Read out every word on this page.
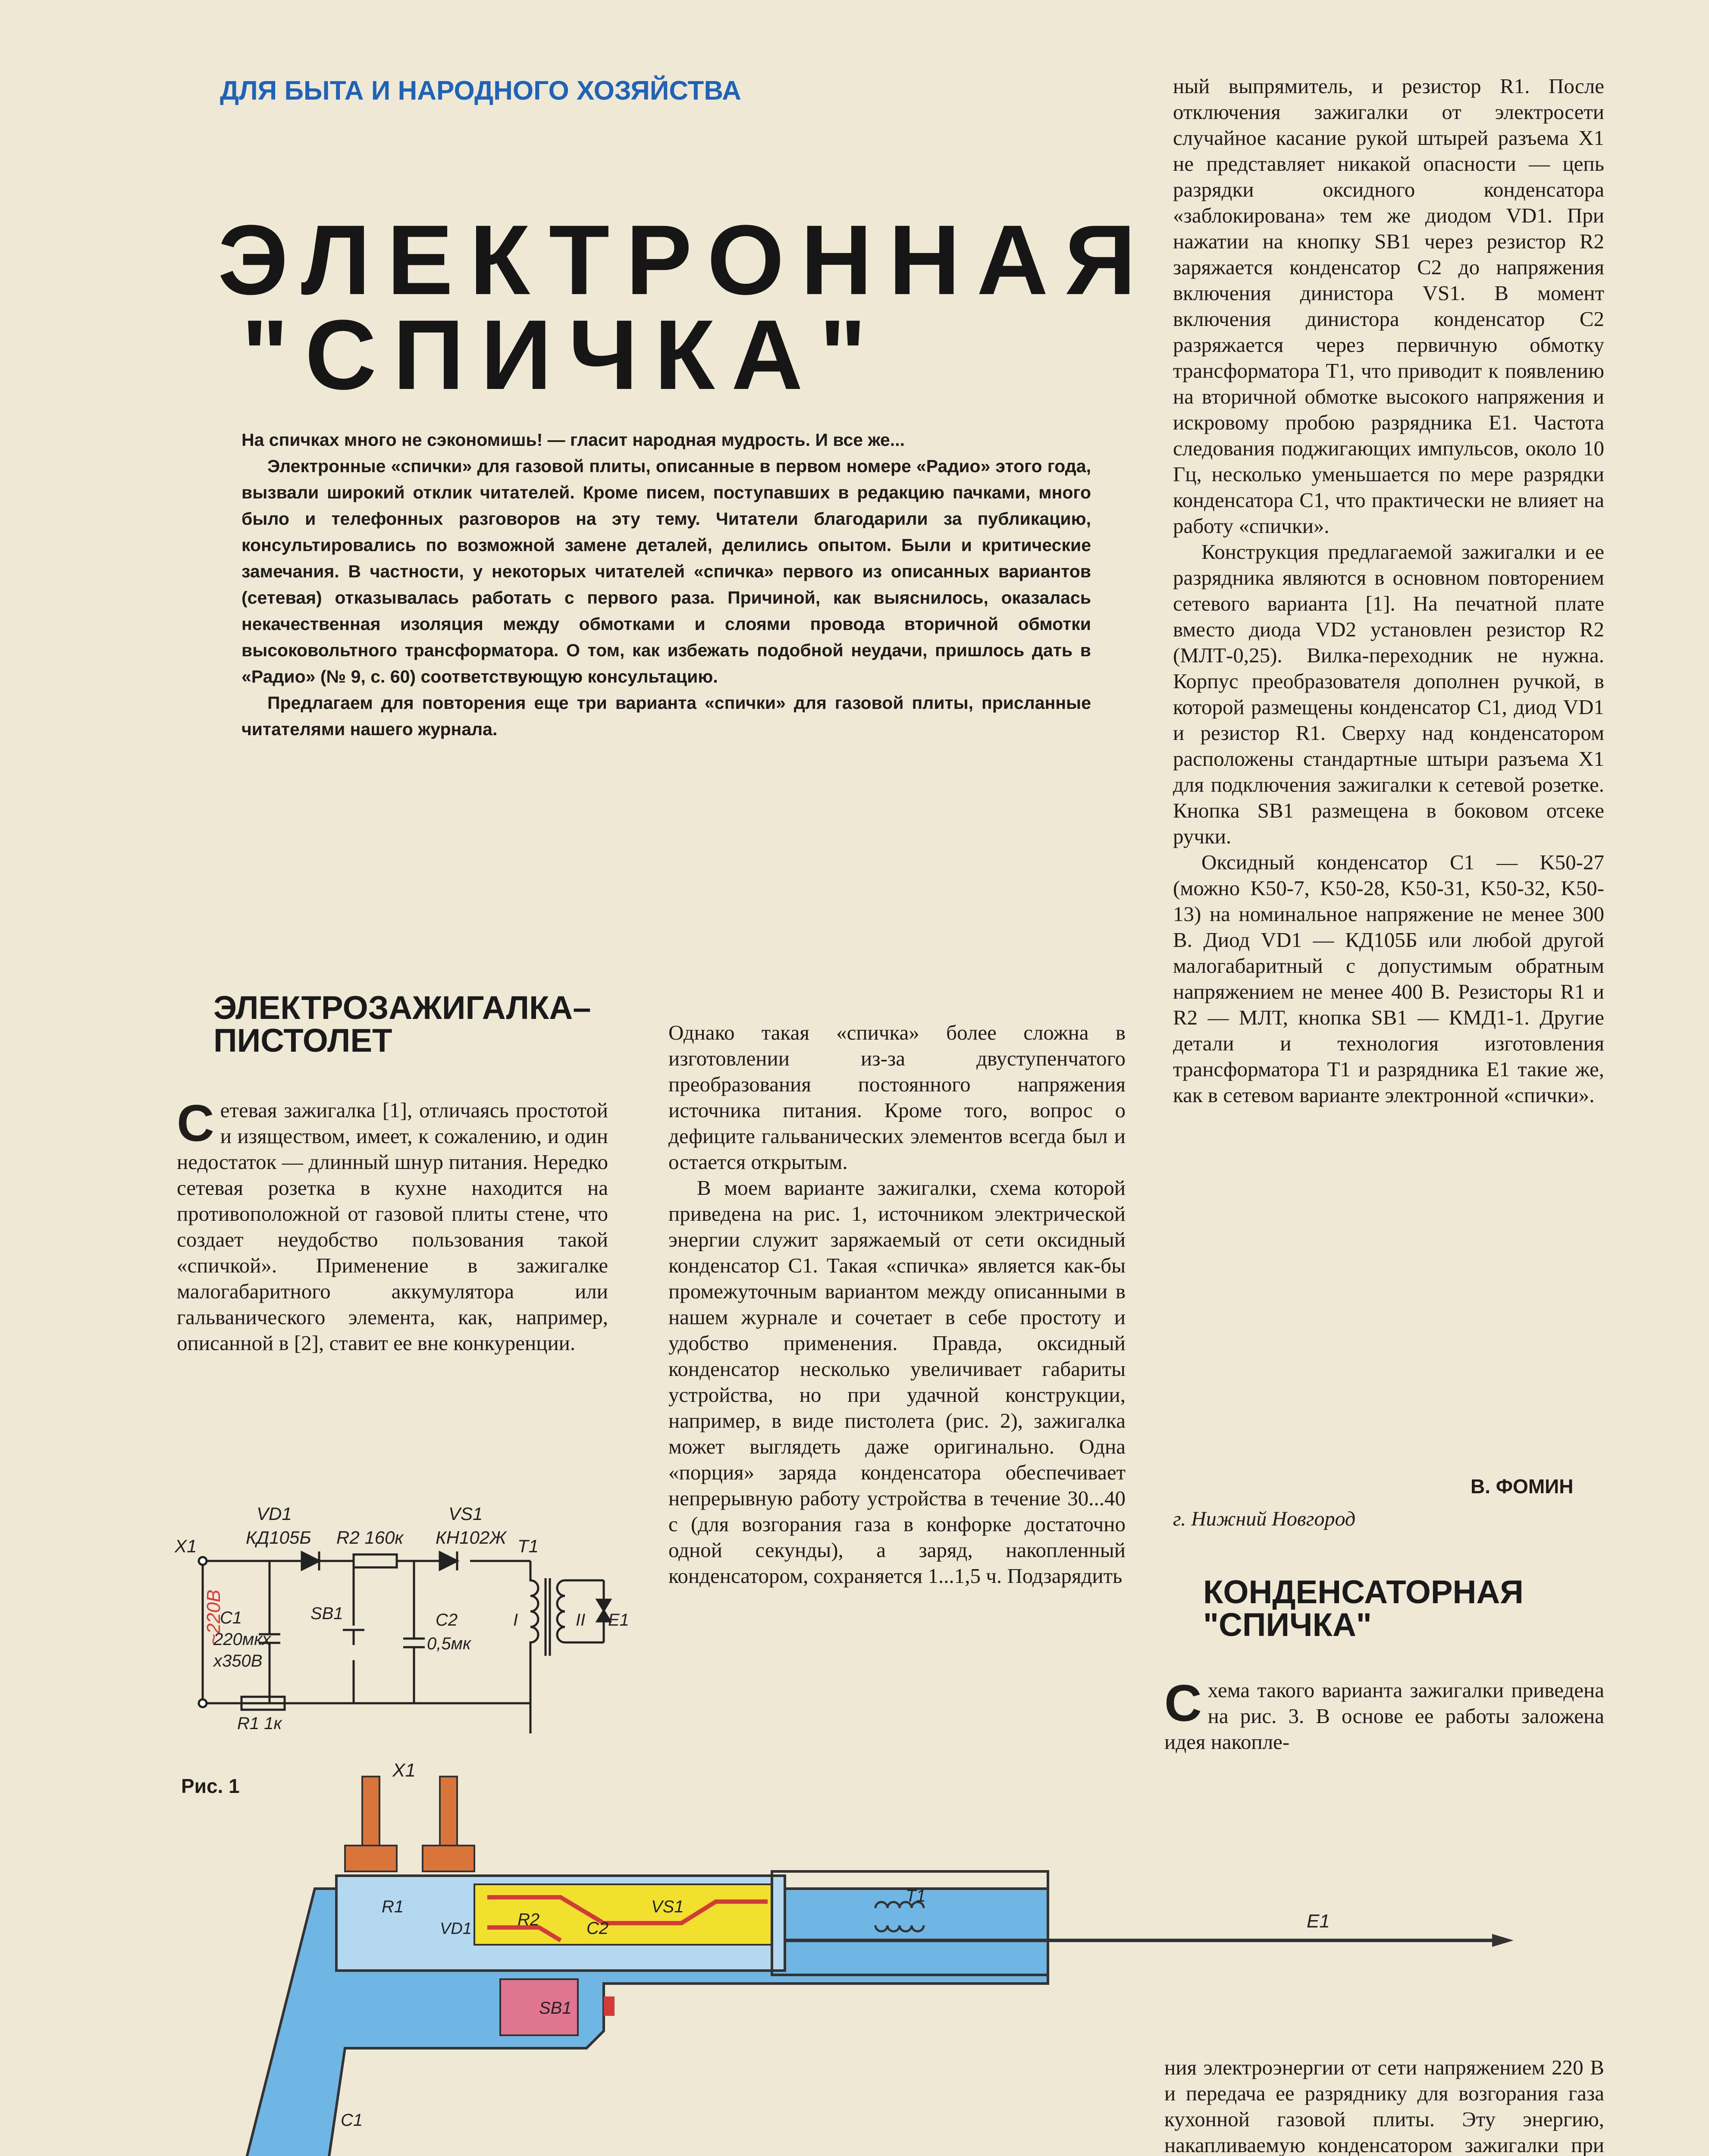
ДЛЯ БЫТА И НАРОДНОГО ХОЗЯЙСТВА
ЭЛЕКТРОННАЯ
"СПИЧКА"

На спичках много не сэкономишь! — гласит народная мудрость. И все же...

Электронные «спички» для газовой плиты, описанные в первом номере «Радио» этого года, вызвали широкий отклик читателей. Кроме писем, поступавших в редакцию пачками, много было и телефонных разговоров на эту тему. Читатели благодарили за публикацию, консультировались по возможной замене деталей, делились опытом. Были и критические замечания. В частности, у некоторых читателей «спичка» первого из описанных вариантов (сетевая) отказывалась работать с первого раза. Причиной, как выяснилось, оказалась некачественная изоляция между обмотками и слоями провода вторичной обмотки высоковольтного трансформатора. О том, как избежать подобной неудачи, пришлось дать в «Радио» (№ 9, с. 60) соответствующую консультацию.

Предлагаем для повторения еще три варианта «спички» для газовой плиты, присланные читателями нашего журнала.

ный выпрямитель, и резистор R1. После отключения зажигалки от электросети случайное касание рукой штырей разъема X1 не представляет никакой опасности — цепь разрядки оксидного конденсатора «заблокирована» тем же диодом VD1. При нажатии на кнопку SB1 через резистор R2 заряжается конденсатор C2 до напряжения включения динистора VS1. В момент включения динистора конденсатор C2 разряжается через первичную обмотку трансформатора T1, что приводит к появлению на вторичной обмотке высокого напряжения и искровому пробою разрядника E1. Частота следования поджигающих импульсов, около 10 Гц, несколько уменьшается по мере разрядки конденсатора C1, что практически не влияет на работу «спички».

Конструкция предлагаемой зажигалки и ее разрядника являются в основном повторением сетевого варианта [1]. На печатной плате вместо диода VD2 установлен резистор R2 (МЛТ-0,25). Вилка-переходник не нужна. Корпус преобразователя дополнен ручкой, в которой размещены конденсатор C1, диод VD1 и резистор R1. Сверху над конденсатором расположены стандартные штыри разъема X1 для подключения зажигалки к сетевой розетке. Кнопка SB1 размещена в боковом отсеке ручки.

Оксидный конденсатор C1 — K50-27 (можно K50-7, K50-28, K50-31, K50-32, K50-13) на номинальное напряжение не менее 300 В. Диод VD1 — КД105Б или любой другой малогабаритный с допустимым обратным напряжением не менее 400 В. Резисторы R1 и R2 — МЛТ, кнопка SB1 — КМД1-1. Другие детали и технология изготовления трансформатора T1 и разрядника E1 такие же, как в сетевом варианте электронной «спички».

В. ФОМИН
г. Нижний Новгород
ЭЛЕКТРОЗАЖИГАЛКА–
ПИСТОЛЕТ

Сетевая зажигалка [1], отличаясь простотой и изяществом, имеет, к сожалению, и один недостаток — длинный шнур питания. Нередко сетевая розетка в кухне находится на противоположной от газовой плиты стене, что создает неудобство пользования такой «спичкой». Применение в зажигалке малогабаритного аккумулятора или гальванического элемента, как, например, описанной в [2], ставит ее вне конкуренции.

Однако такая «спичка» более сложна в изготовлении из-за двуступенчатого преобразования постоянного напряжения источника питания. Кроме того, вопрос о дефиците гальванических элементов всегда был и остается открытым.

В моем варианте зажигалки, схема которой приведена на рис. 1, источником электрической энергии служит заряжаемый от сети оксидный конденсатор C1. Такая «спичка» является как-бы промежуточным вариантом между описанными в нашем журнале и сочетает в себе простоту и удобство применения. Правда, оксидный конденсатор несколько увеличивает габариты устройства, но при удачной конструкции, например, в виде пистолета (рис. 2), зажигалка может выглядеть даже оригинально. Одна «порция» заряда конденсатора обеспечивает непрерывную работу устройства в течение 30...40 с (для возгорания газа в конфорке достаточно одной секунды), а заряд, накопленный конденсатором, сохраняется 1...1,5 ч. Подзарядить

~220В
X1
VD1
КД105Б R2 160к
VS1
КН102Ж T1
C1
220мкх
х350В
SB1	C2
0,5мк
I	II E1
R1 1к
Рис. 1
X1
R1
VD1	R2	C2
VS1
T1
SB1
C1
E1
КОНДЕНСАТОРНАЯ
"СПИЧКА"

Схема такого варианта зажигалки приведена на рис. 3. В основе ее работы заложена идея накопле-

ния электроэнергии от сети напряжением 220 В и передача ее разряднику для возгорания газа кухонной газовой плиты. Эту энергию, накапливаемую конденсатором зажигалки при
